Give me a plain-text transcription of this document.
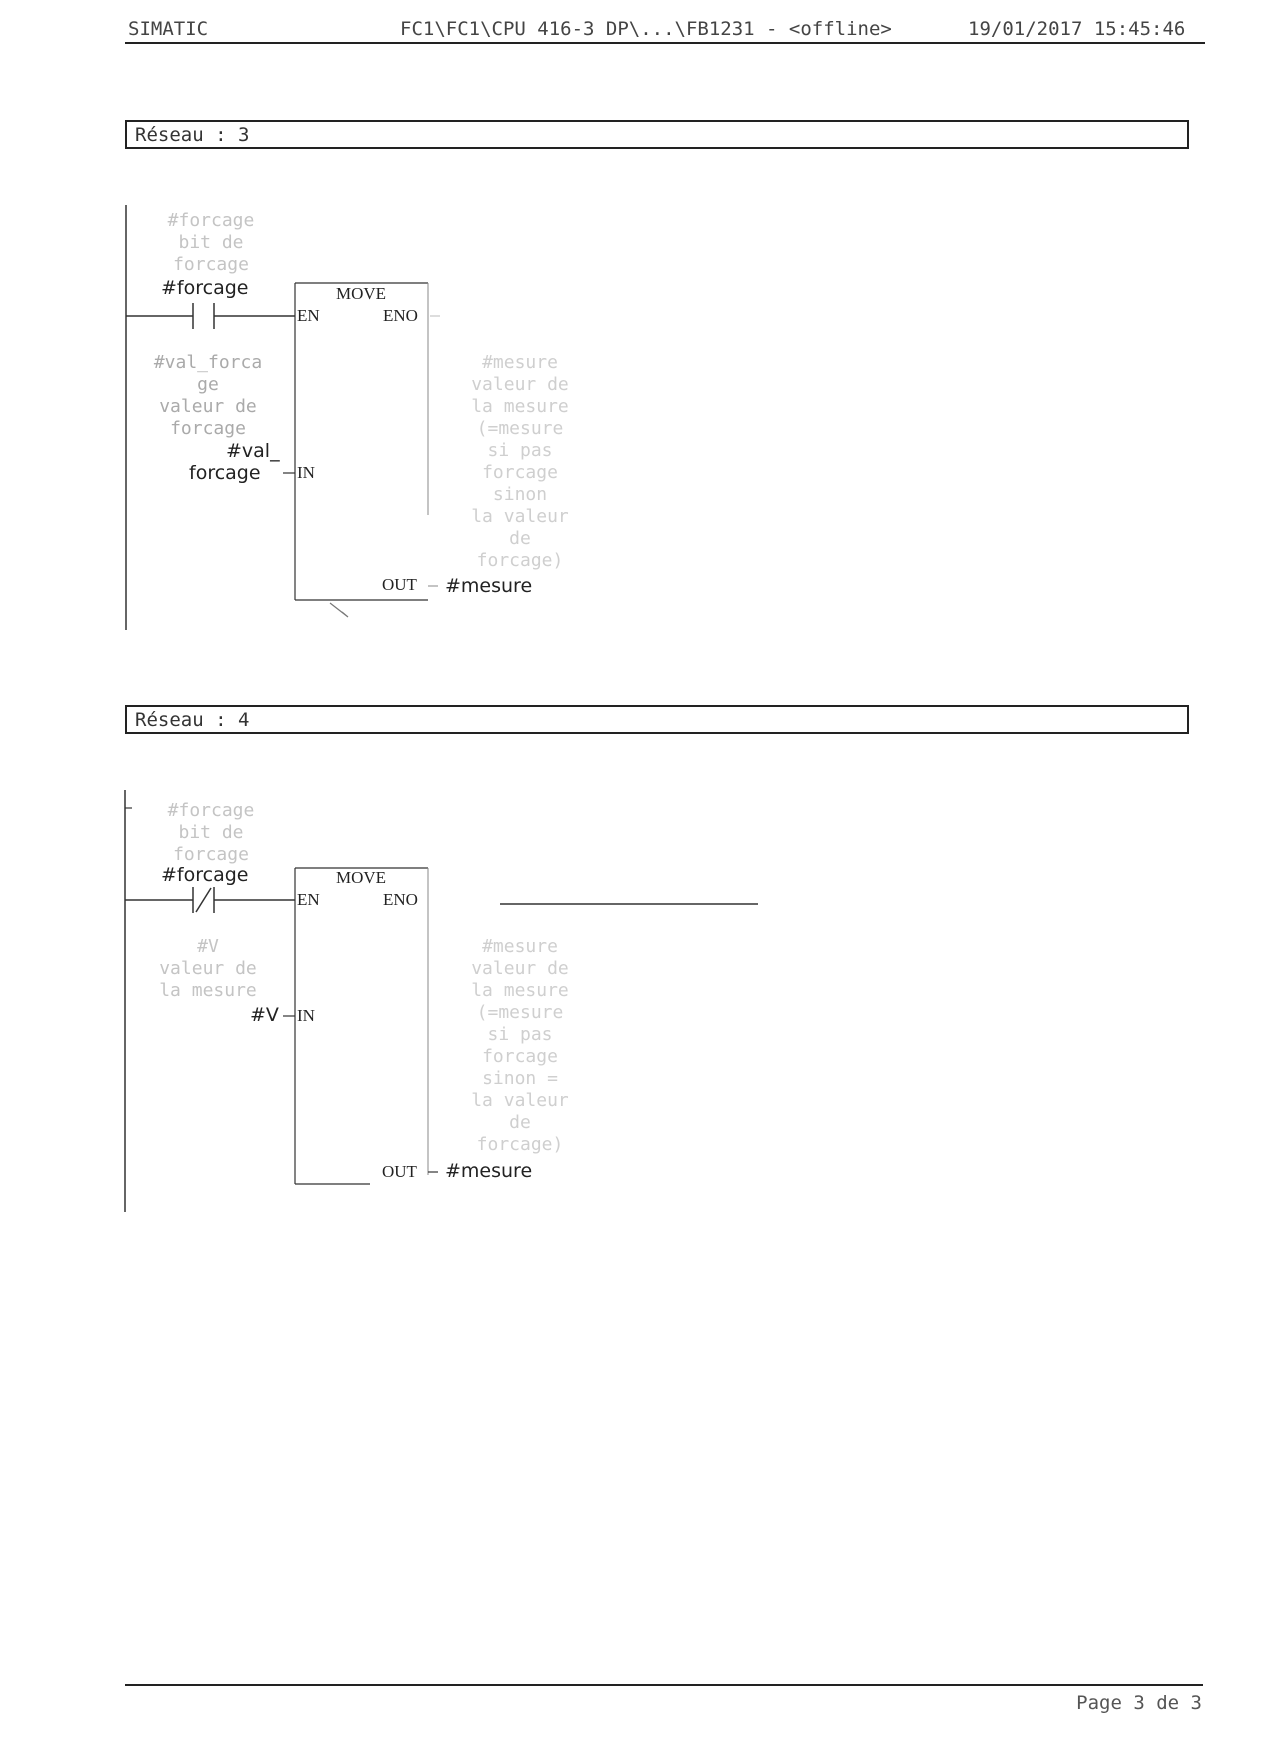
SIMATIC	FC1\FC1\CPU 416-3 DP\...\FB1231 - <offline>	19/01/2017 15:45:46
Réseau : 3
#forcage
bit de
forcage
#forcage	MOVE
EN	ENO
IN
OUT
#val_forca
ge
valeur de
forcage
#val_
forcage
#mesure
valeur de
la mesure
(=mesure
si pas
forcage
sinon
la valeur
de
forcage)
#mesure
Réseau : 4
#forcage
bit de
forcage
#forcage	MOVE
EN	ENO
IN
OUT
#V
valeur de
la mesure
#V
#mesure
valeur de
la mesure
(=mesure
si pas
forcage
sinon =
la valeur
de
forcage)
#mesure
Page 3 de 3
